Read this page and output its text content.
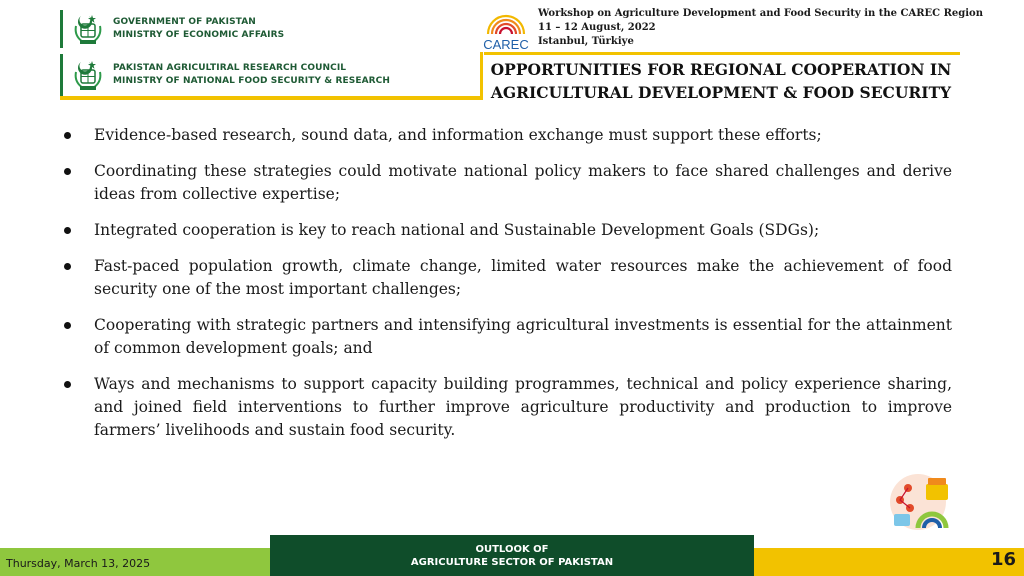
GOVERNMENT OF PAKISTAN
MINISTRY OF ECONOMIC AFFAIRS
PAKISTAN AGRICULTIRAL RESEARCH COUNCIL
MINISTRY OF NATIONAL FOOD SECURITY & RESEARCH
CAREC
Workshop on Agriculture Development and Food Security in the CAREC Region
11 – 12 August, 2022
Istanbul, Türkiye
OPPORTUNITIES FOR REGIONAL COOPERATION IN
AGRICULTURAL DEVELOPMENT & FOOD SECURITY
Evidence-based research, sound data, and information exchange must support these efforts;
Coordinating these strategies could motivate national policy makers to face shared challenges and derive ideas from collective expertise;
Integrated cooperation is key to reach national and Sustainable Development Goals (SDGs);
Fast-paced population growth, climate change, limited water resources make the achievement of food security one of the most important challenges;
Cooperating with strategic partners and intensifying agricultural investments is essential for the attainment of common development goals; and
Ways and mechanisms to support capacity building programmes, technical and policy experience sharing, and joined field interventions to further improve agriculture productivity and production to improve farmers’ livelihoods and sustain food security.
Thursday, March 13, 2025
OUTLOOK OF
AGRICULTURE SECTOR OF PAKISTAN	16
